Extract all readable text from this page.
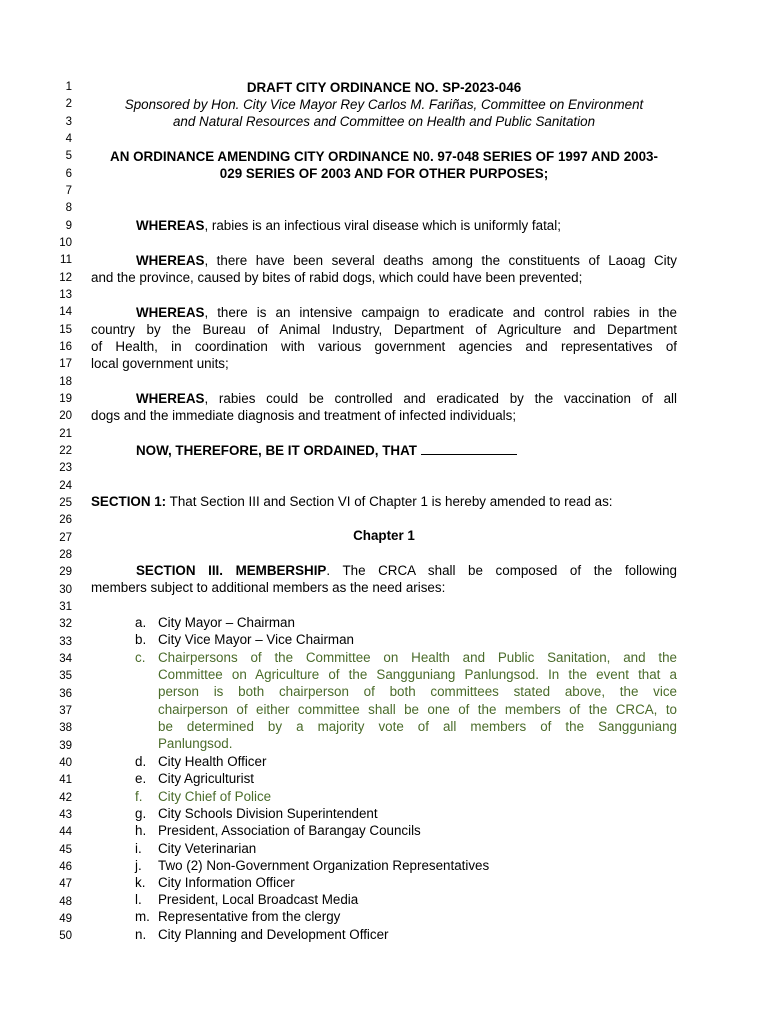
1
2
3
4
5
6
7
8
9
10
11
12
13
14
15
16
17
18
19
20
21
22
23
24
25
26
27
28
29
30
31
32
33
34
35
36
37
38
39
40
41
42
43
44
45
46
47
48
49
50
DRAFT CITY ORDINANCE NO. SP-2023-046
Sponsored by Hon. City Vice Mayor Rey Carlos M. Fariñas, Committee on Environment
and Natural Resources and Committee on Health and Public Sanitation
AN ORDINANCE AMENDING CITY ORDINANCE N0. 97-048 SERIES OF 1997 AND 2003-
029 SERIES OF 2003 AND FOR OTHER PURPOSES;
WHEREAS, rabies is an infectious viral disease which is uniformly fatal;
WHEREAS, there have been several deaths among the constituents of Laoag City
and the province, caused by bites of rabid dogs, which could have been prevented;
WHEREAS, there is an intensive campaign to eradicate and control rabies in the
country by the Bureau of Animal Industry, Department of Agriculture and Department
of Health, in coordination with various government agencies and representatives of
local government units;
WHEREAS, rabies could be controlled and eradicated by the vaccination of all
dogs and the immediate diagnosis and treatment of infected individuals;
NOW, THEREFORE, BE IT ORDAINED, THAT
SECTION 1: That Section III and Section VI of Chapter 1 is hereby amended to read as:
Chapter 1
SECTION III. MEMBERSHIP. The CRCA shall be composed of the following
members subject to additional members as the need arises:
a. City Mayor – Chairman
b. City Vice Mayor – Vice Chairman
c. Chairpersons of the Committee on Health and Public Sanitation, and the
Committee on Agriculture of the Sangguniang Panlungsod. In the event that a
person is both chairperson of both committees stated above, the vice
chairperson of either committee shall be one of the members of the CRCA, to
be determined by a majority vote of all members of the Sangguniang
Panlungsod.
d. City Health Officer
e. City Agriculturist
f.	City Chief of Police
g. City Schools Division Superintendent
h. President, Association of Barangay Councils
i.	City Veterinarian
j.	Two (2) Non-Government Organization Representatives
k. City Information Officer
l.	President, Local Broadcast Media
m. Representative from the clergy
n. City Planning and Development Officer
